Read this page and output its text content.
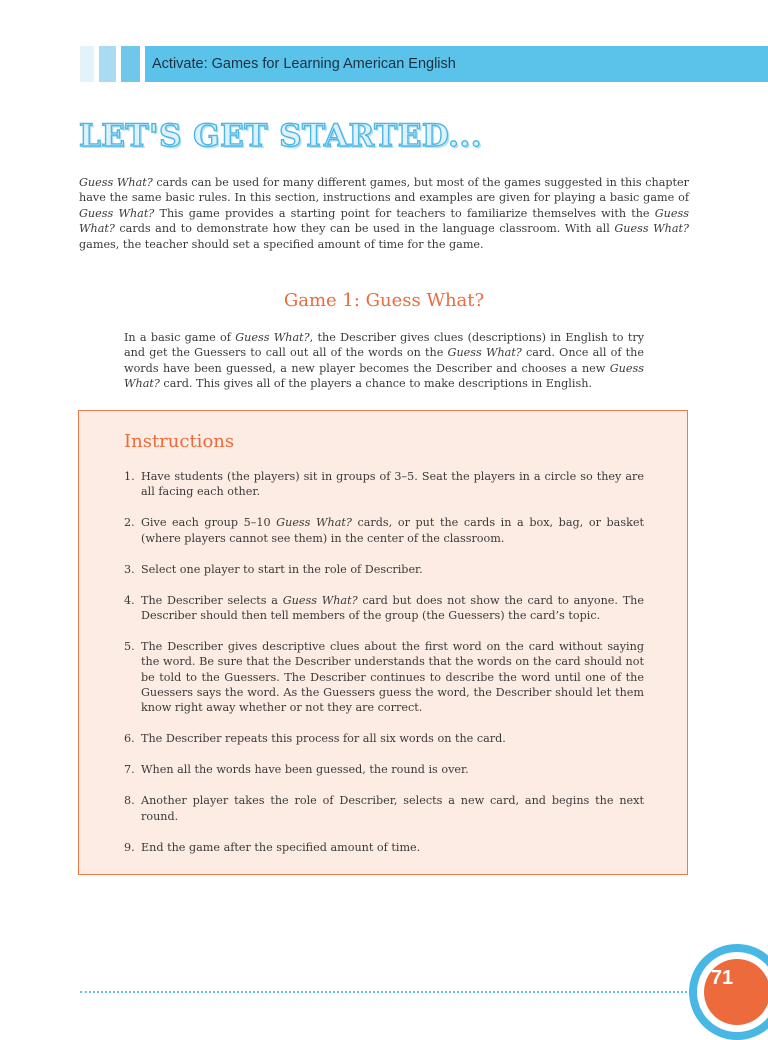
Activate: Games for Learning American English
LET'S GET STARTED...

Guess What? cards can be used for many different games, but most of the games suggested in this chapter have the same basic rules. In this section, instructions and examples are given for playing a basic game of Guess What? This game provides a starting point for teachers to familiarize themselves with the Guess What? cards and to demonstrate how they can be used in the language classroom. With all Guess What? games, the teacher should set a specified amount of time for the game.

Game 1: Guess What?

In a basic game of Guess What?, the Describer gives clues (descriptions) in English to try and get the Guessers to call out all of the words on the Guess What? card. Once all of the words have been guessed, a new player becomes the Describer and chooses a new Guess What? card. This gives all of the players a chance to make descriptions in English.

Instructions
1. Have students (the players) sit in groups of 3–5. Seat the players in a circle so they are all facing each other.
2. Give each group 5–10 Guess What? cards, or put the cards in a box, bag, or basket (where players cannot see them) in the center of the classroom.
3. Select one player to start in the role of Describer.
4. The Describer selects a Guess What? card but does not show the card to anyone. The Describer should then tell members of the group (the Guessers) the card’s topic.
5. The Describer gives descriptive clues about the first word on the card without saying the word. Be sure that the Describer understands that the words on the card should not be told to the Guessers. The Describer continues to describe the word until one of the Guessers says the word. As the Guessers guess the word, the Describer should let them know right away whether or not they are correct.
6. The Describer repeats this process for all six words on the card.
7. When all the words have been guessed, the round is over.
8. Another player takes the role of Describer, selects a new card, and begins the next round.
9. End the game after the specified amount of time.
71
